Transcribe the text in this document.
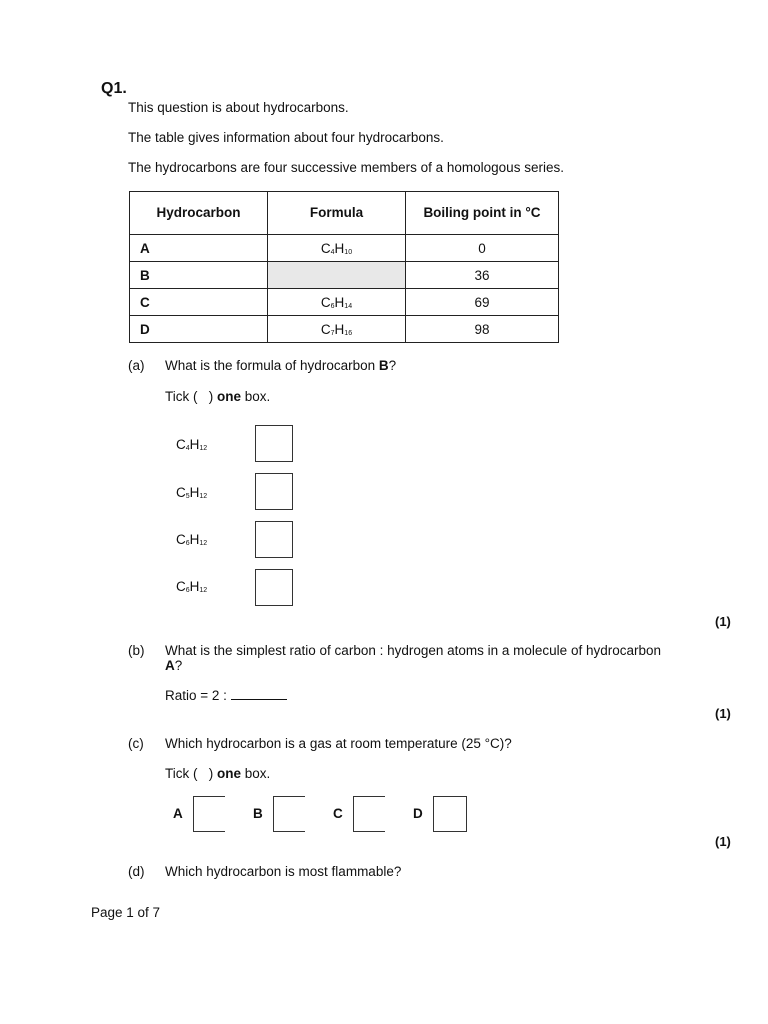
Q1.
This question is about hydrocarbons.
The table gives information about four hydrocarbons.
The hydrocarbons are four successive members of a homologous series.
Hydrocarbon	Formula	Boiling point in °C
A	$C_4H_{10}$	0
B		36
C	$C_6H_{14}$	69
D	$C_7H_{16}$	98
(a) What is the formula of hydrocarbon B?
Tick (   ) one box.
$C_4H_{12}$
$C_5H_{12}$
$C_6H_{12}$
$C_6H_{12}$
(1)
(b) What is the simplest ratio of carbon : hydrogen atoms in a molecule of hydrocarbon
A?
Ratio = 2 :
(1)
(c) Which hydrocarbon is a gas at room temperature (25 °C)?
Tick (   ) one box.
A	B	C	D
(1)
(d) Which hydrocarbon is most flammable?
Page 1 of 7
